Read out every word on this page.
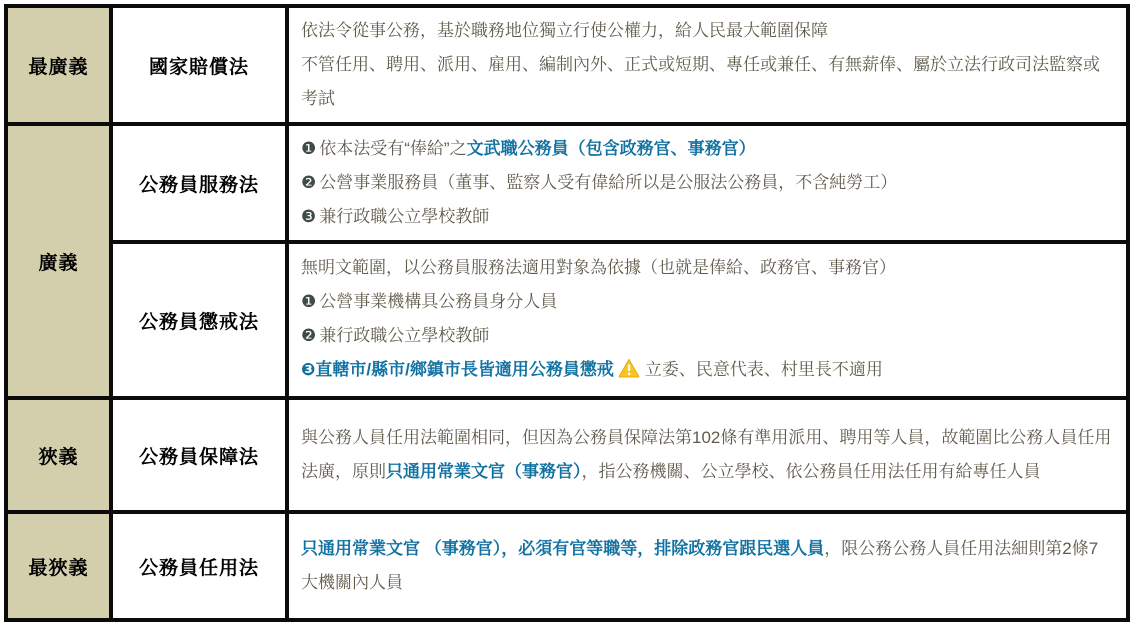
最廣義	國家賠償法	依法令從事公務，基於職務地位獨立行使公權力，給人民最大範圍保障
不管任用、聘用、派用、雇用、編制內外、正式或短期、專任或兼任、有無薪俸、屬於立法行政司法監察或考試

廣義	公務員服務法	❶ 依本法受有“俸給”之文武職公務員（包含政務官、事務官）
❷ 公營事業服務員（董事、監察人受有偉給所以是公服法公務員，不含純勞工）
❸ 兼行政職公立學校教師

	公務員懲戒法	無明文範圍，以公務員服務法適用對象為依據（也就是俸給、政務官、事務官）
❶ 公營事業機構具公務員身分人員
❷ 兼行政職公立學校教師
❸直轄市/縣市/鄉鎮市長皆適用公務員懲戒 立委、民意代表、村里長不適用

狹義	公務員保障法	與公務人員任用法範圍相同，但因為公務員保障法第102條有準用派用、聘用等人員，故範圍比公務人員任用法廣，原則只通用常業文官（事務官），指公務機關、公立學校、依公務員任用法任用有給專任人員

最狹義	公務員任用法	只通用常業文官 （事務官），必須有官等職等，排除政務官跟民選人員，限公務公務人員任用法細則第2條7大機關內人員
